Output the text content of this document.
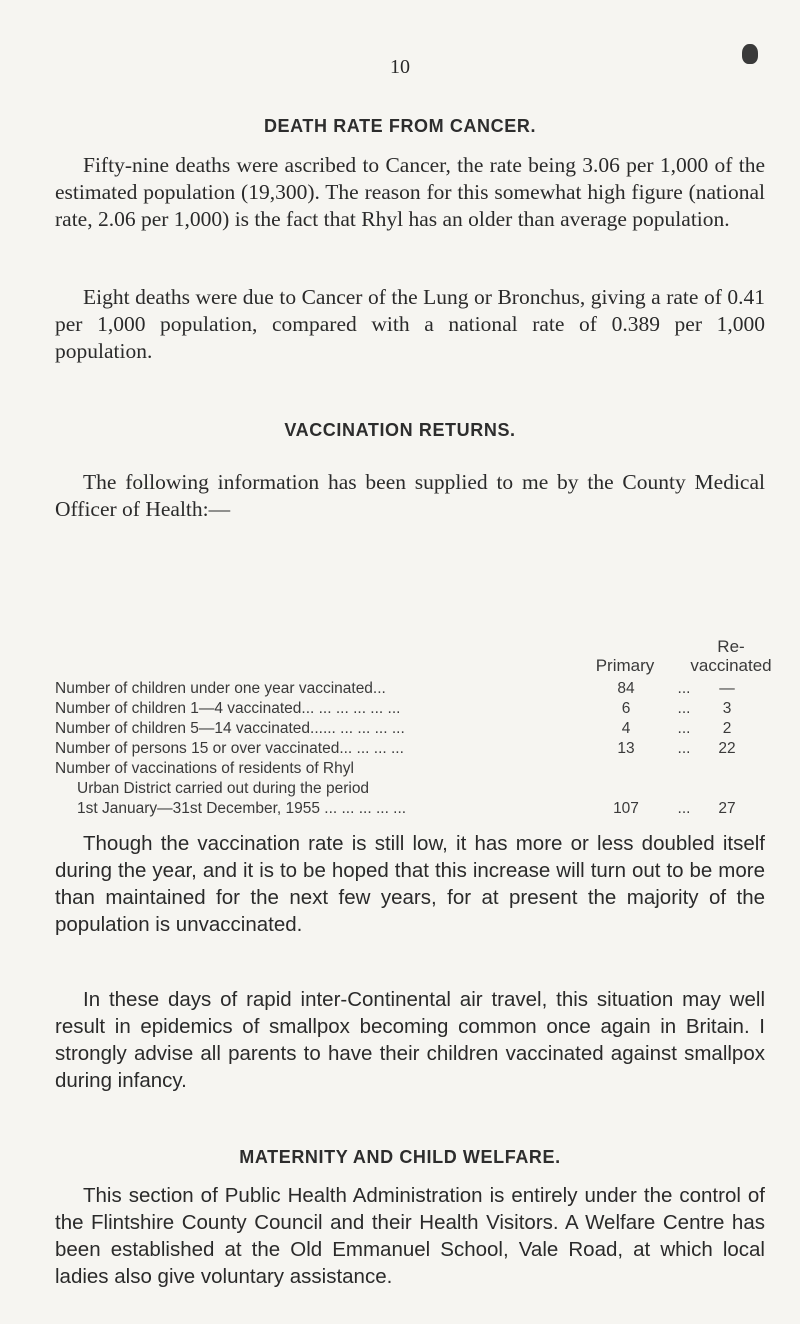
10
DEATH RATE FROM CANCER.

Fifty-nine deaths were ascribed to Cancer, the rate being 3.06 per 1,000 of the estimated population (19,300). The reason for this somewhat high figure (national rate, 2.06 per 1,000) is the fact that Rhyl has an older than average population.

Eight deaths were due to Cancer of the Lung or Bronchus, giving a rate of 0.41 per 1,000 population, compared with a national rate of 0.389 per 1,000 population.

VACCINATION RETURNS.

The following information has been supplied to me by the County Medical Officer of Health:—

Re-
Primary	vaccinated
Number of children under one year vaccinated...	84	...	—
Number of children 1—4 vaccinated... ... ... ... ... ...	6	...	3
Number of children 5—14 vaccinated...... ... ... ... ...	4	...	2
Number of persons 15 or over vaccinated... ... ... ...	13	...	22
Number of vaccinations of residents of Rhyl
Urban District carried out during the period
1st January—31st December, 1955 ... ... ... ... ...	107	...	27

Though the vaccination rate is still low, it has more or less doubled itself during the year, and it is to be hoped that this increase will turn out to be more than maintained for the next few years, for at present the majority of the population is unvaccinated.

In these days of rapid inter-Continental air travel, this situation may well result in epidemics of smallpox becoming common once again in Britain. I strongly advise all parents to have their children vaccinated against smallpox during infancy.

MATERNITY AND CHILD WELFARE.

This section of Public Health Administration is entirely under the control of the Flintshire County Council and their Health Visitors. A Welfare Centre has been established at the Old Emmanuel School, Vale Road, at which local ladies also give voluntary assistance.
